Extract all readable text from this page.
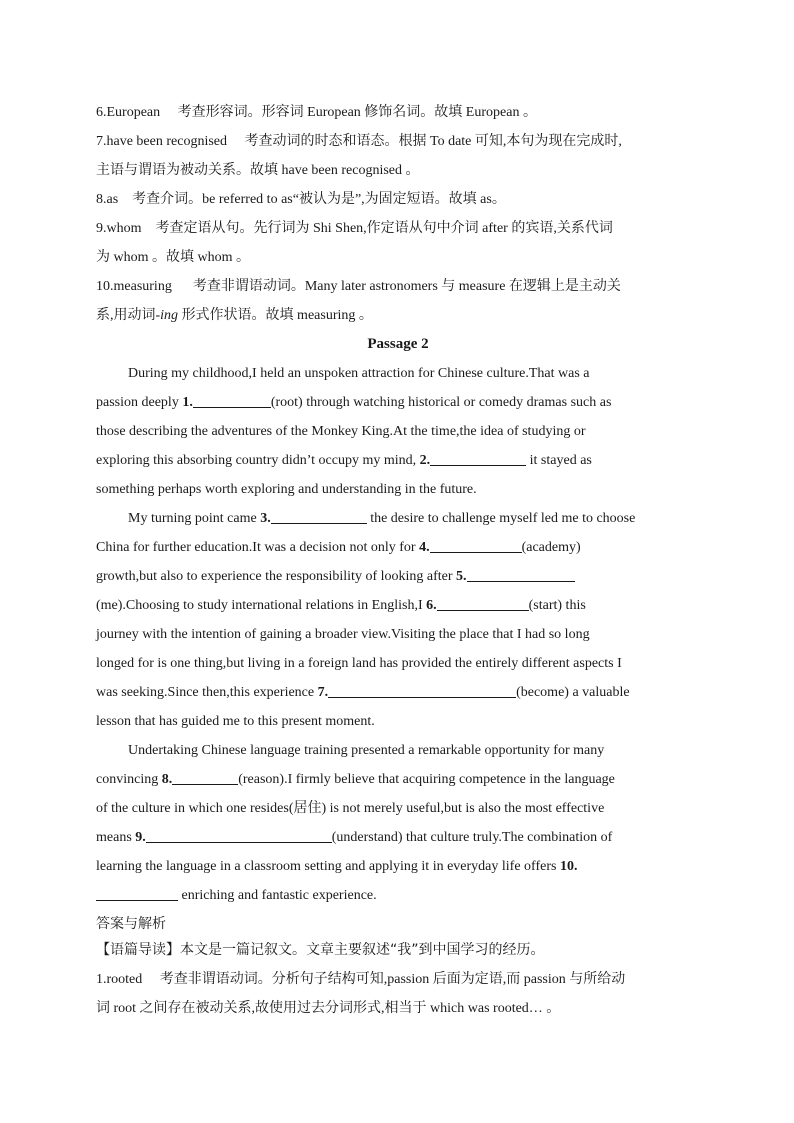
6.European 考查形容词。形容词 European 修饰名词。故填 European 。
7.have been recognised 考查动词的时态和语态。根据 To date 可知,本句为现在完成时,
主语与谓语为被动关系。故填 have been recognised 。
8.as 考查介词。be referred to as“被认为是”,为固定短语。故填 as。
9.whom 考查定语从句。先行词为 Shi Shen,作定语从句中介词 after 的宾语,关系代词
为 whom 。故填 whom 。
10.measuring 考查非谓语动词。Many later astronomers 与 measure 在逻辑上是主动关
系,用动词-ing 形式作状语。故填 measuring 。
Passage 2
During my childhood,I held an unspoken attraction for Chinese culture.That was a
passion deeply 1.	(root) through watching historical or comedy dramas such as
those describing the adventures of the Monkey King.At the time,the idea of studying or
exploring this absorbing country didn’t occupy my mind, 2.	it stayed as
something perhaps worth exploring and understanding in the future.
My turning point came 3.	the desire to challenge myself led me to choose
China for further education.It was a decision not only for 4.	(academy)
growth,but also to experience the responsibility of looking after 5.
(me).Choosing to study international relations in English,I 6.	(start) this
journey with the intention of gaining a broader view.Visiting the place that I had so long
longed for is one thing,but living in a foreign land has provided the entirely different aspects I
was seeking.Since then,this experience 7.	(become) a valuable
lesson that has guided me to this present moment.
Undertaking Chinese language training presented a remarkable opportunity for many
convincing 8.	(reason).I firmly believe that acquiring competence in the language
of the culture in which one resides(居住) is not merely useful,but is also the most effective
means 9.	(understand) that culture truly.The combination of
learning the language in a classroom setting and applying it in everyday life offers 10.
enriching and fantastic experience.
答案与解析
【语篇导读】本文是一篇记叙文。文章主要叙述“我”到中国学习的经历。
1.rooted 考查非谓语动词。分析句子结构可知,passion 后面为定语,而 passion 与所给动
词 root 之间存在被动关系,故使用过去分词形式,相当于 which was rooted… 。
